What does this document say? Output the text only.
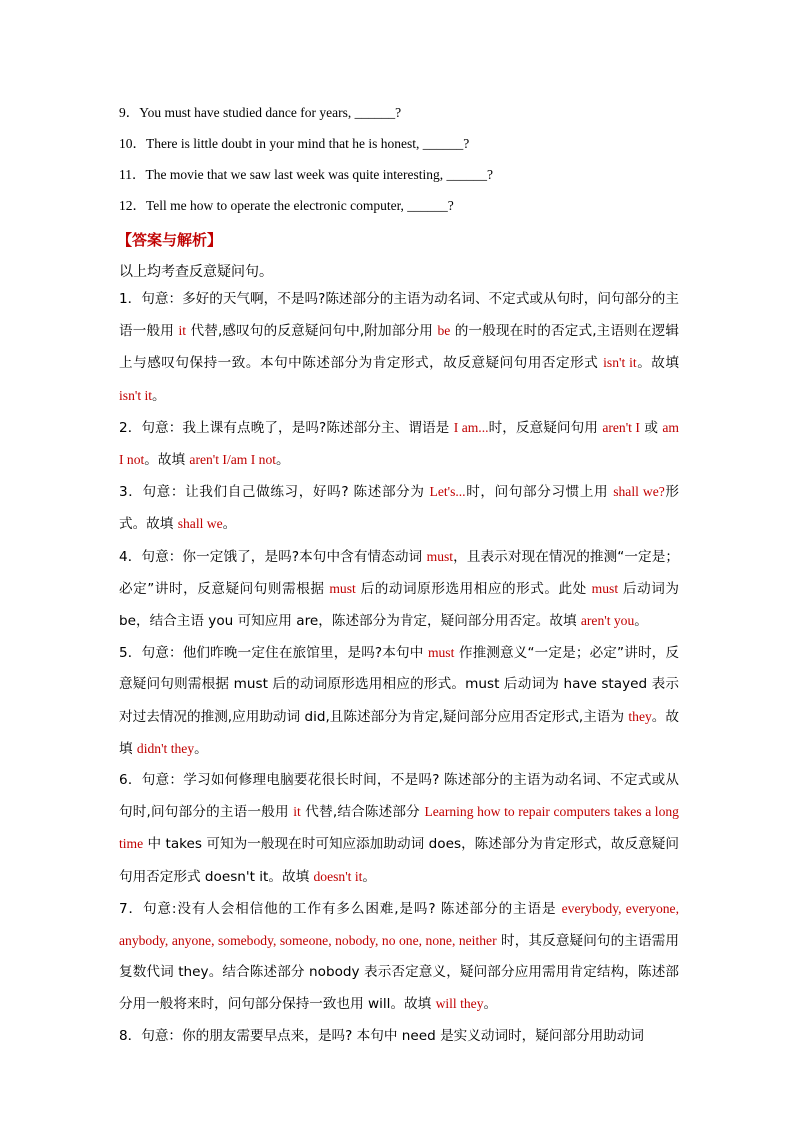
9．You must have studied dance for years, ______?
10．There is little doubt in your mind that he is honest, ______?
11．The movie that we saw last week was quite interesting, ______?
12．Tell me how to operate the electronic computer, ______?
【答案与解析】
以上均考查反意疑问句。

1．句意：多好的天气啊，不是吗?陈述部分的主语为动名词、不定式或从句时，问句部分的主语一般用 it 代替,感叹句的反意疑问句中,附加部分用 be 的一般现在时的否定式,主语则在逻辑上与感叹句保持一致。本句中陈述部分为肯定形式，故反意疑问句用否定形式 isn't it。故填 isn't it。

2．句意：我上课有点晚了，是吗?陈述部分主、谓语是 I am...时，反意疑问句用 aren't I 或 am I not。故填 aren't I/am I not。

3．句意：让我们自己做练习，好吗? 陈述部分为 Let's...时，问句部分习惯上用 shall we?形式。故填 shall we。

4．句意：你一定饿了，是吗?本句中含有情态动词 must，且表示对现在情况的推测“一定是；必定”讲时，反意疑问句则需根据 must 后的动词原形选用相应的形式。此处 must 后动词为 be，结合主语 you 可知应用 are，陈述部分为肯定，疑问部分用否定。故填 aren't you。

5．句意：他们昨晚一定住在旅馆里，是吗?本句中 must 作推测意义“一定是；必定”讲时，反意疑问句则需根据 must 后的动词原形选用相应的形式。must 后动词为 have stayed 表示对过去情况的推测,应用助动词 did,且陈述部分为肯定,疑问部分应用否定形式,主语为 they。故填 didn't they。

6．句意：学习如何修理电脑要花很长时间，不是吗? 陈述部分的主语为动名词、不定式或从句时,问句部分的主语一般用 it 代替,结合陈述部分 Learning how to repair computers takes a long time 中 takes 可知为一般现在时可知应添加助动词 does，陈述部分为肯定形式，故反意疑问句用否定形式 doesn't it。故填 doesn't it。

7．句意:没有人会相信他的工作有多么困难,是吗? 陈述部分的主语是 everybody, everyone, anybody, anyone, somebody, someone, nobody, no one, none, neither 时，其反意疑问句的主语需用复数代词 they。结合陈述部分 nobody 表示否定意义，疑问部分应用需用肯定结构，陈述部分用一般将来时，问句部分保持一致也用 will。故填 will they。

8．句意：你的朋友需要早点来，是吗? 本句中 need 是实义动词时，疑问部分用助动词
